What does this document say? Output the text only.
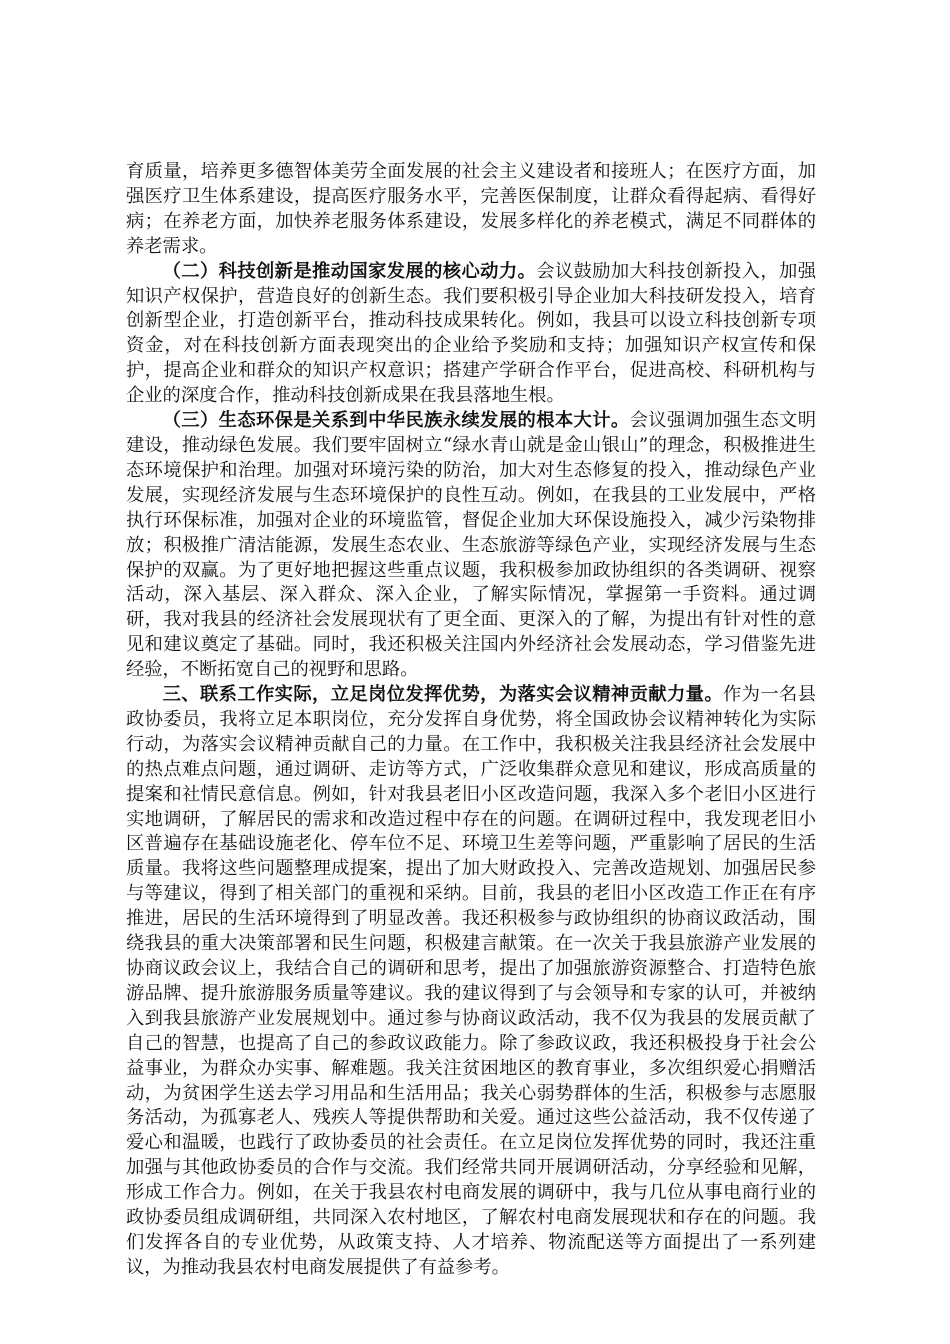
育质量，培养更多德智体美劳全面发展的社会主义建设者和接班人；在医疗方面，加强医疗卫生体系建设，提高医疗服务水平，完善医保制度，让群众看得起病、看得好病；在养老方面，加快养老服务体系建设，发展多样化的养老模式，满足不同群体的养老需求。

（二）科技创新是推动国家发展的核心动力。会议鼓励加大科技创新投入，加强知识产权保护，营造良好的创新生态。我们要积极引导企业加大科技研发投入，培育创新型企业，打造创新平台，推动科技成果转化。例如，我县可以设立科技创新专项资金，对在科技创新方面表现突出的企业给予奖励和支持；加强知识产权宣传和保护，提高企业和群众的知识产权意识；搭建产学研合作平台，促进高校、科研机构与企业的深度合作，推动科技创新成果在我县落地生根。

（三）生态环保是关系到中华民族永续发展的根本大计。会议强调加强生态文明建设，推动绿色发展。我们要牢固树立“绿水青山就是金山银山”的理念，积极推进生态环境保护和治理。加强对环境污染的防治，加大对生态修复的投入，推动绿色产业发展，实现经济发展与生态环境保护的良性互动。例如，在我县的工业发展中，严格执行环保标准，加强对企业的环境监管，督促企业加大环保设施投入，减少污染物排放；积极推广清洁能源，发展生态农业、生态旅游等绿色产业，实现经济发展与生态保护的双赢。为了更好地把握这些重点议题，我积极参加政协组织的各类调研、视察活动，深入基层、深入群众、深入企业，了解实际情况，掌握第一手资料。通过调研，我对我县的经济社会发展现状有了更全面、更深入的了解，为提出有针对性的意见和建议奠定了基础。同时，我还积极关注国内外经济社会发展动态，学习借鉴先进经验，不断拓宽自己的视野和思路。

三、联系工作实际，立足岗位发挥优势，为落实会议精神贡献力量。作为一名县政协委员，我将立足本职岗位，充分发挥自身优势，将全国政协会议精神转化为实际行动，为落实会议精神贡献自己的力量。在工作中，我积极关注我县经济社会发展中的热点难点问题，通过调研、走访等方式，广泛收集群众意见和建议，形成高质量的提案和社情民意信息。例如，针对我县老旧小区改造问题，我深入多个老旧小区进行实地调研，了解居民的需求和改造过程中存在的问题。在调研过程中，我发现老旧小区普遍存在基础设施老化、停车位不足、环境卫生差等问题，严重影响了居民的生活质量。我将这些问题整理成提案，提出了加大财政投入、完善改造规划、加强居民参与等建议，得到了相关部门的重视和采纳。目前，我县的老旧小区改造工作正在有序推进，居民的生活环境得到了明显改善。我还积极参与政协组织的协商议政活动，围绕我县的重大决策部署和民生问题，积极建言献策。在一次关于我县旅游产业发展的协商议政会议上，我结合自己的调研和思考，提出了加强旅游资源整合、打造特色旅游品牌、提升旅游服务质量等建议。我的建议得到了与会领导和专家的认可，并被纳入到我县旅游产业发展规划中。通过参与协商议政活动，我不仅为我县的发展贡献了自己的智慧，也提高了自己的参政议政能力。除了参政议政，我还积极投身于社会公益事业，为群众办实事、解难题。我关注贫困地区的教育事业，多次组织爱心捐赠活动，为贫困学生送去学习用品和生活用品；我关心弱势群体的生活，积极参与志愿服务活动，为孤寡老人、残疾人等提供帮助和关爱。通过这些公益活动，我不仅传递了爱心和温暖，也践行了政协委员的社会责任。在立足岗位发挥优势的同时，我还注重加强与其他政协委员的合作与交流。我们经常共同开展调研活动，分享经验和见解，形成工作合力。例如，在关于我县农村电商发展的调研中，我与几位从事电商行业的政协委员组成调研组，共同深入农村地区，了解农村电商发展现状和存在的问题。我们发挥各自的专业优势，从政策支持、人才培养、物流配送等方面提出了一系列建议，为推动我县农村电商发展提供了有益参考。
